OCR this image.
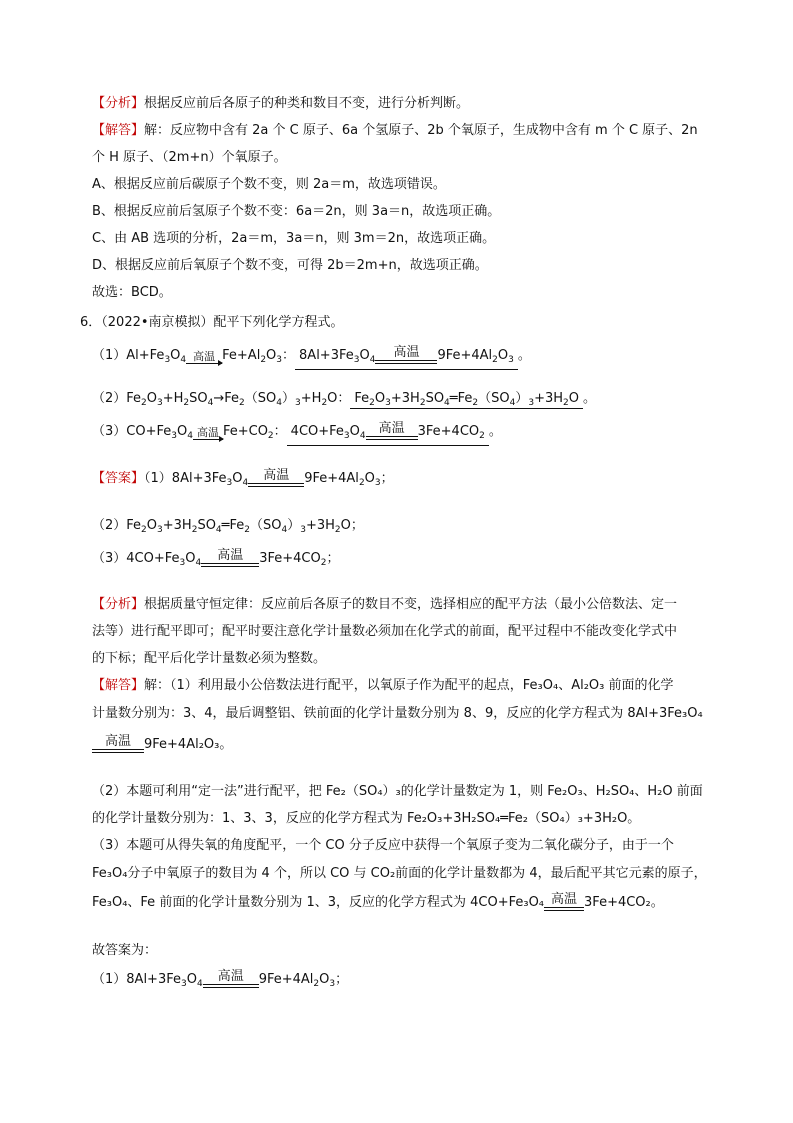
【分析】根据反应前后各原子的种类和数目不变，进行分析判断。
【解答】解：反应物中含有 2a 个 C 原子、6a 个氢原子、2b 个氧原子，生成物中含有 m 个 C 原子、2n
个 H 原子、（2m+n）个氧原子。
A、根据反应前后碳原子个数不变，则 2a＝m，故选项错误。
B、根据反应前后氢原子个数不变：6a＝2n，则 3a＝n，故选项正确。
C、由 AB 选项的分析，2a＝m，3a＝n，则 3m＝2n，故选项正确。
D、根据反应前后氧原子个数不变，可得 2b＝2m+n，故选项正确。
故选：BCD。
6．（2022•南京模拟）配平下列化学方程式。
$(1)Al+Fe_3O_4$ 高温 $Fe+Al_2O_3$： $8Al+3Fe_3O_4$	高温	$9Fe+4Al_2O_3$ 。
$(2)Fe_2O_3+H_2SO_4\to Fe_2(SO_4)_3+H_2O$： $Fe_2O_3+3H_2SO_4═Fe_2(SO_4)_3+3H_2O$ 。
$(3)CO+Fe_3O_4$ 高温 $Fe+CO_2$： $4CO+Fe_3O_4$ 高温	$3Fe+4CO_2$ 。
【答案】$(1)8Al+3Fe_3O_4$	高温	$9Fe+4Al_2O_3$；
$(2)Fe_2O_3+3H_2SO_4═Fe_2(SO_4)_3+3H_2O$；
$(3)4CO+Fe_3O_4$	高温	$3Fe+4CO_2$；
【分析】根据质量守恒定律：反应前后各原子的数目不变，选择相应的配平方法（最小公倍数法、定一
法等）进行配平即可；配平时要注意化学计量数必须加在化学式的前面，配平过程中不能改变化学式中
的下标；配平后化学计量数必须为整数。
【解答】解：（1）利用最小公倍数法进行配平，以氧原子作为配平的起点，Fe₃O₄、Al₂O₃ 前面的化学
计量数分别为：3、4，最后调整铝、铁前面的化学计量数分别为 8、9，反应的化学方程式为 8Al+3Fe₃O₄
高温	9Fe+4Al₂O₃。
（2）本题可利用“定一法”进行配平，把 Fe₂（SO₄）₃的化学计量数定为 1，则 Fe₂O₃、H₂SO₄、H₂O 前面
的化学计量数分别为：1、3、3，反应的化学方程式为 Fe₂O₃+3H₂SO₄═Fe₂（SO₄）₃+3H₂O。
（3）本题可从得失氧的角度配平，一个 CO 分子反应中获得一个氧原子变为二氧化碳分子，由于一个
Fe₃O₄分子中氧原子的数目为 4 个，所以 CO 与 CO₂前面的化学计量数都为 4，最后配平其它元素的原子，
Fe₃O₄、Fe 前面的化学计量数分别为 1、3，反应的化学方程式为 4CO+Fe₃O₄ 高温 3Fe+4CO₂。
故答案为：
$(1)8Al+3Fe_3O_4$	高温	$9Fe+4Al_2O_3$；
